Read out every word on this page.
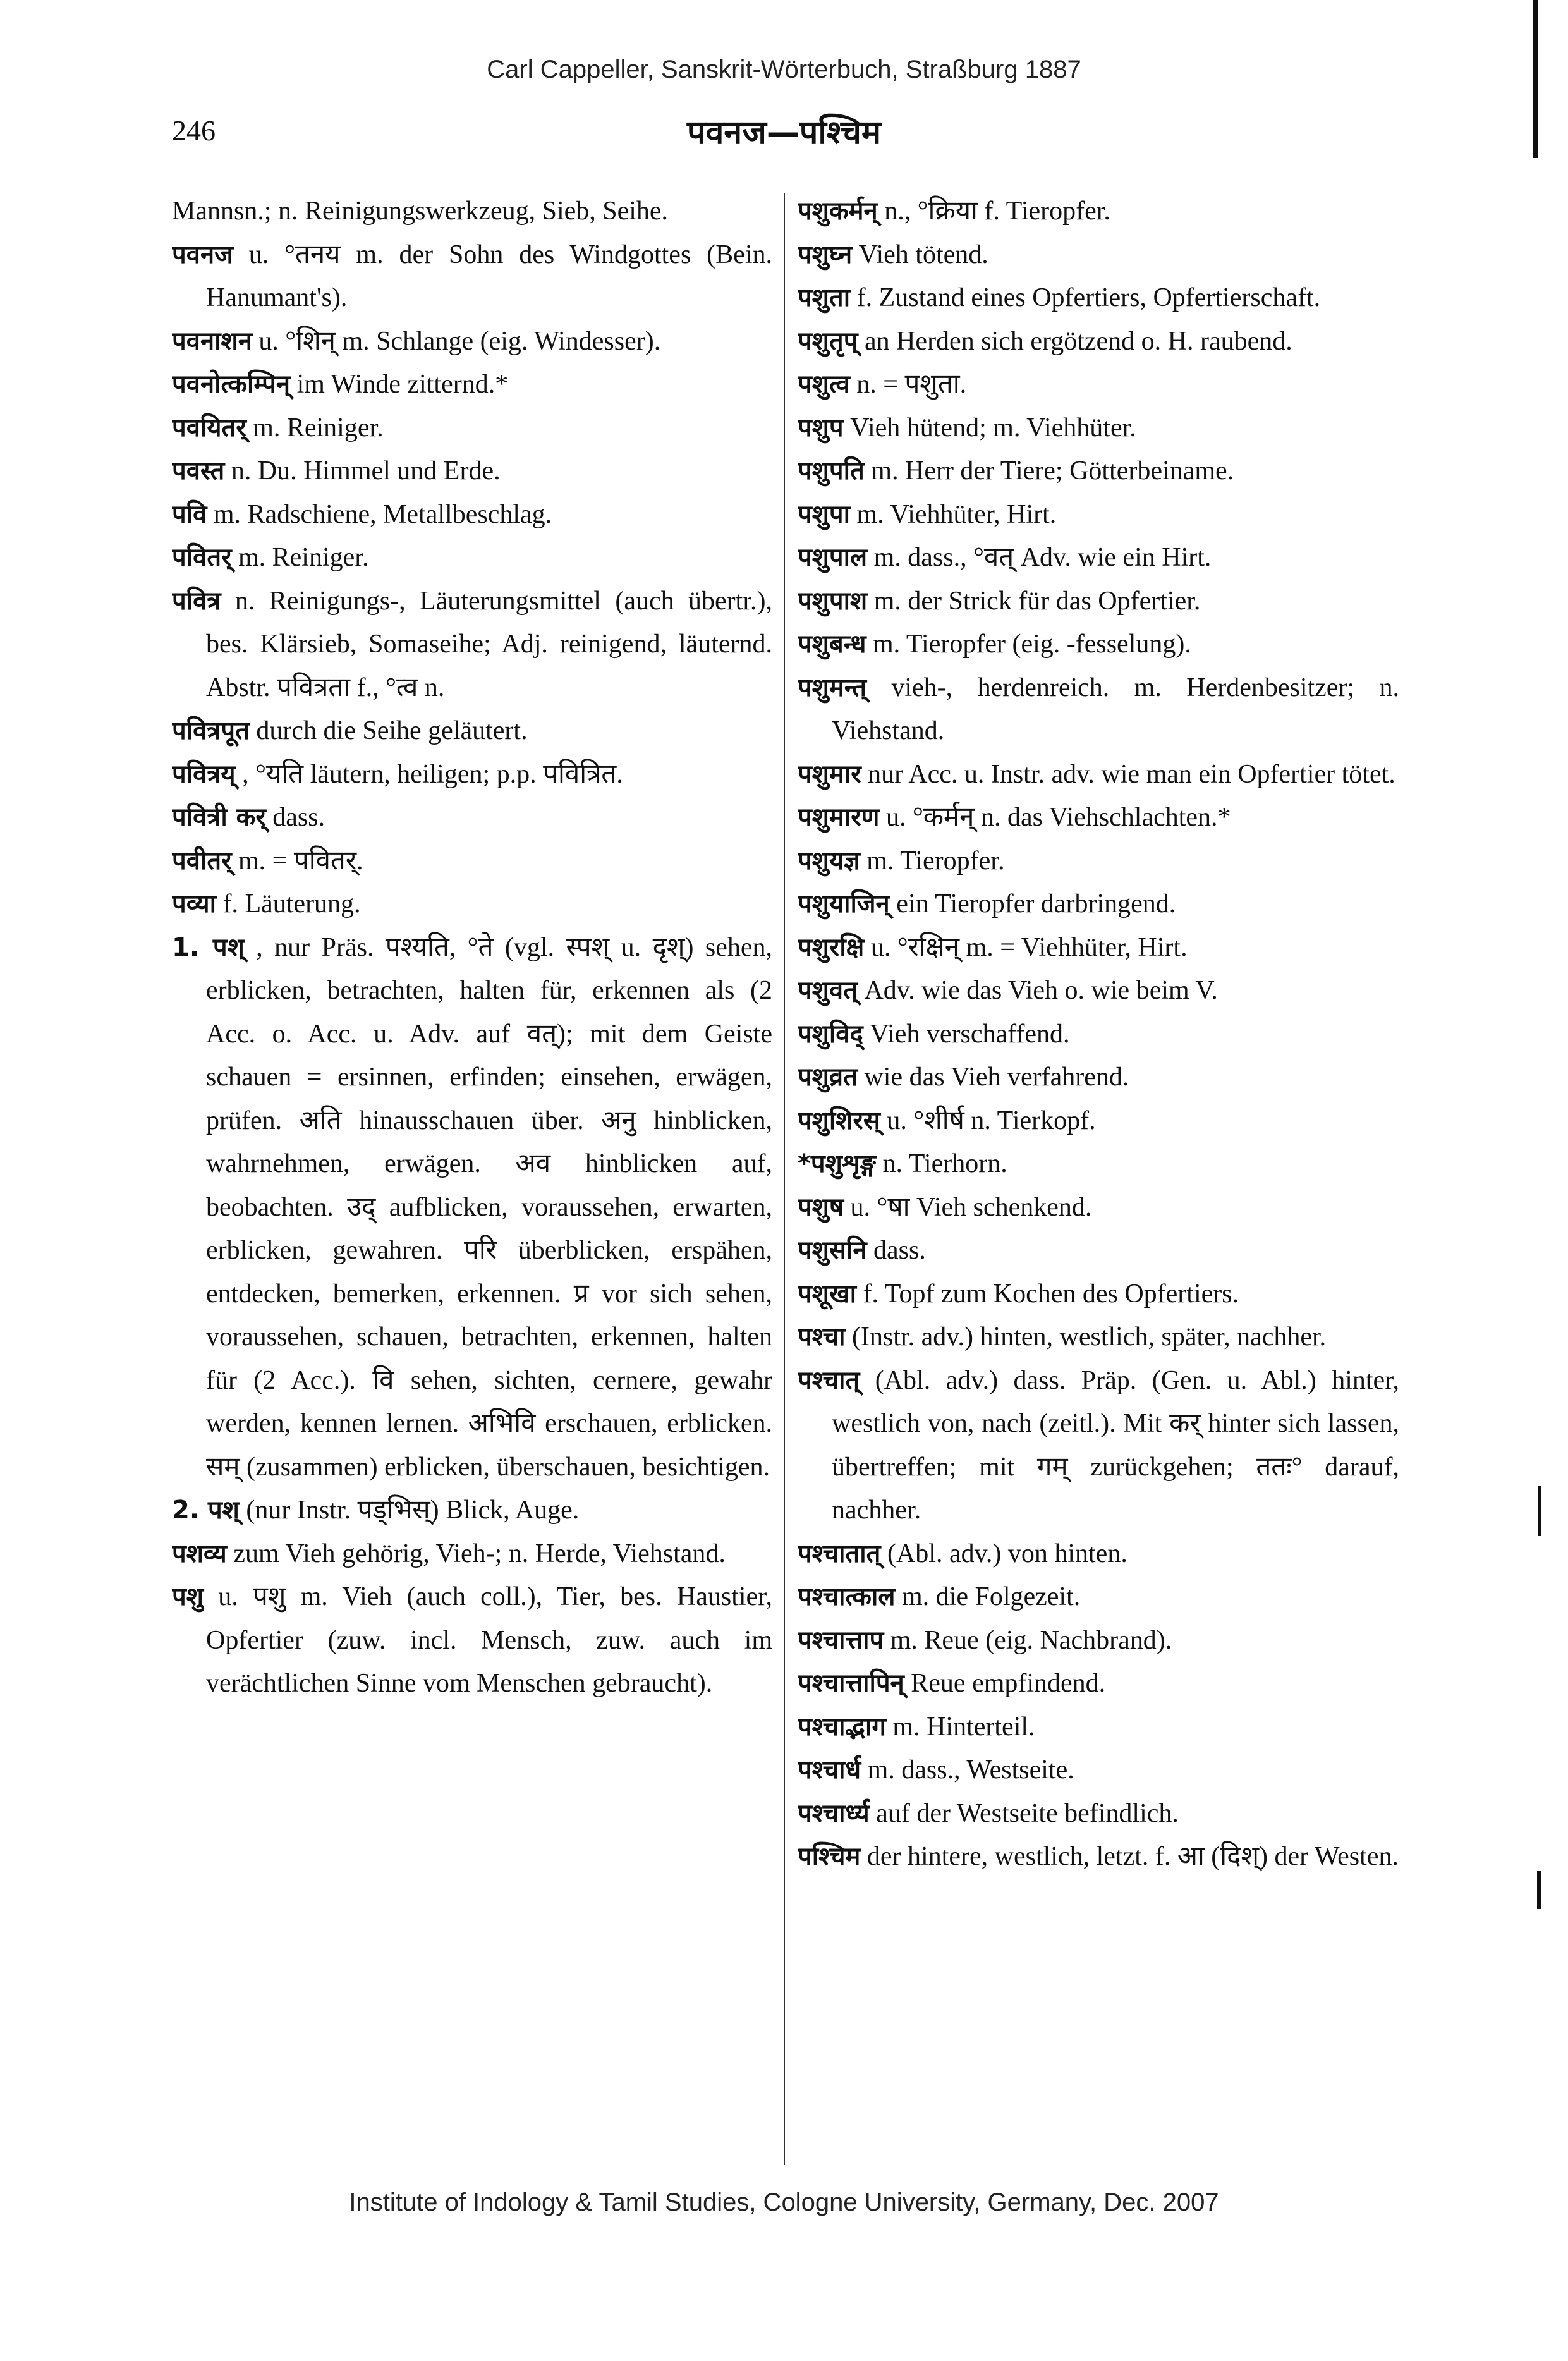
Carl Cappeller, Sanskrit-Wörterbuch, Straßburg 1887
246	पवनज—पश्चिम

Mannsn.; n. Reinigungswerkzeug, Sieb, Seihe.

पवनज u. °तनय m. der Sohn des Windgottes (Bein. Hanumant's).

पवनाशन u. °शिन् m. Schlange (eig. Windesser).

पवनोत्कम्पिन् im Winde zitternd.*

पवयितर् m. Reiniger.

पवस्त n. Du. Himmel und Erde.

पवि m. Radschiene, Metallbeschlag.

पवितर् m. Reiniger.

पवित्र n. Reinigungs-, Läuterungsmittel (auch übertr.), bes. Klärsieb, Somaseihe; Adj. reinigend, läuternd. Abstr. पवित्रता f., °त्व n.

पवित्रपूत durch die Seihe geläutert.

पवित्रय् , °यति läutern, heiligen; p.p. पवित्रित.

पवित्री कर् dass.

पवीतर् m. = पवितर्.

पव्या f. Läuterung.

1. पश् , nur Präs. पश्यति, °ते (vgl. स्पश् u. दृश्) sehen, erblicken, betrachten, halten für, erkennen als (2 Acc. o. Acc. u. Adv. auf वत्); mit dem Geiste schauen = ersinnen, erfinden; einsehen, erwägen, prüfen. अति hinausschauen über. अनु hinblicken, wahrnehmen, erwägen. अव hinblicken auf, beobachten. उद् aufblicken, voraussehen, erwarten, erblicken, gewahren. परि überblicken, erspähen, entdecken, bemerken, erkennen. प्र vor sich sehen, voraussehen, schauen, betrachten, erkennen, halten für (2 Acc.). वि sehen, sichten, cernere, gewahr werden, kennen lernen. अभिवि erschauen, erblicken. सम् (zusammen) erblicken, überschauen, besichtigen.

2. पश् (nur Instr. पड्भिस्) Blick, Auge.

पशव्य zum Vieh gehörig, Vieh-; n. Herde, Viehstand.

पशु u. पशु m. Vieh (auch coll.), Tier, bes. Haustier, Opfertier (zuw. incl. Mensch, zuw. auch im verächtlichen Sinne vom Menschen gebraucht).

पशुकर्मन् n., °क्रिया f. Tieropfer.

पशुघ्न Vieh tötend.

पशुता f. Zustand eines Opfertiers, Opfertierschaft.

पशुतृप् an Herden sich ergötzend o. H. raubend.

पशुत्व n. = पशुता.

पशुप Vieh hütend; m. Viehhüter.

पशुपति m. Herr der Tiere; Götterbeiname.

पशुपा m. Viehhüter, Hirt.

पशुपाल m. dass., °वत् Adv. wie ein Hirt.

पशुपाश m. der Strick für das Opfertier.

पशुबन्ध m. Tieropfer (eig. -fesselung).

पशुमन्त् vieh-, herdenreich. m. Herdenbesitzer; n. Viehstand.

पशुमार nur Acc. u. Instr. adv. wie man ein Opfertier tötet.

पशुमारण u. °कर्मन् n. das Viehschlachten.*

पशुयज्ञ m. Tieropfer.

पशुयाजिन् ein Tieropfer darbringend.

पशुरक्षि u. °रक्षिन् m. = Viehhüter, Hirt.

पशुवत् Adv. wie das Vieh o. wie beim V.

पशुविद् Vieh verschaffend.

पशुव्रत wie das Vieh verfahrend.

पशुशिरस् u. °शीर्ष n. Tierkopf.

*पशुशृङ्ग n. Tierhorn.

पशुष u. °षा Vieh schenkend.

पशुसनि dass.

पशूखा f. Topf zum Kochen des Opfertiers.

पश्चा (Instr. adv.) hinten, westlich, später, nachher.

पश्चात् (Abl. adv.) dass. Präp. (Gen. u. Abl.) hinter, westlich von, nach (zeitl.). Mit कर् hinter sich lassen, übertreffen; mit गम् zurückgehen; ततः° darauf, nachher.

पश्चातात् (Abl. adv.) von hinten.

पश्चात्काल m. die Folgezeit.

पश्चात्ताप m. Reue (eig. Nachbrand).

पश्चात्तापिन् Reue empfindend.

पश्चाद्भाग m. Hinterteil.

पश्चार्ध m. dass., Westseite.

पश्चार्ध्य auf der Westseite befindlich.

पश्चिम der hintere, westlich, letzt. f. आ (दिश्) der Westen.

Institute of Indology & Tamil Studies, Cologne University, Germany, Dec. 2007
